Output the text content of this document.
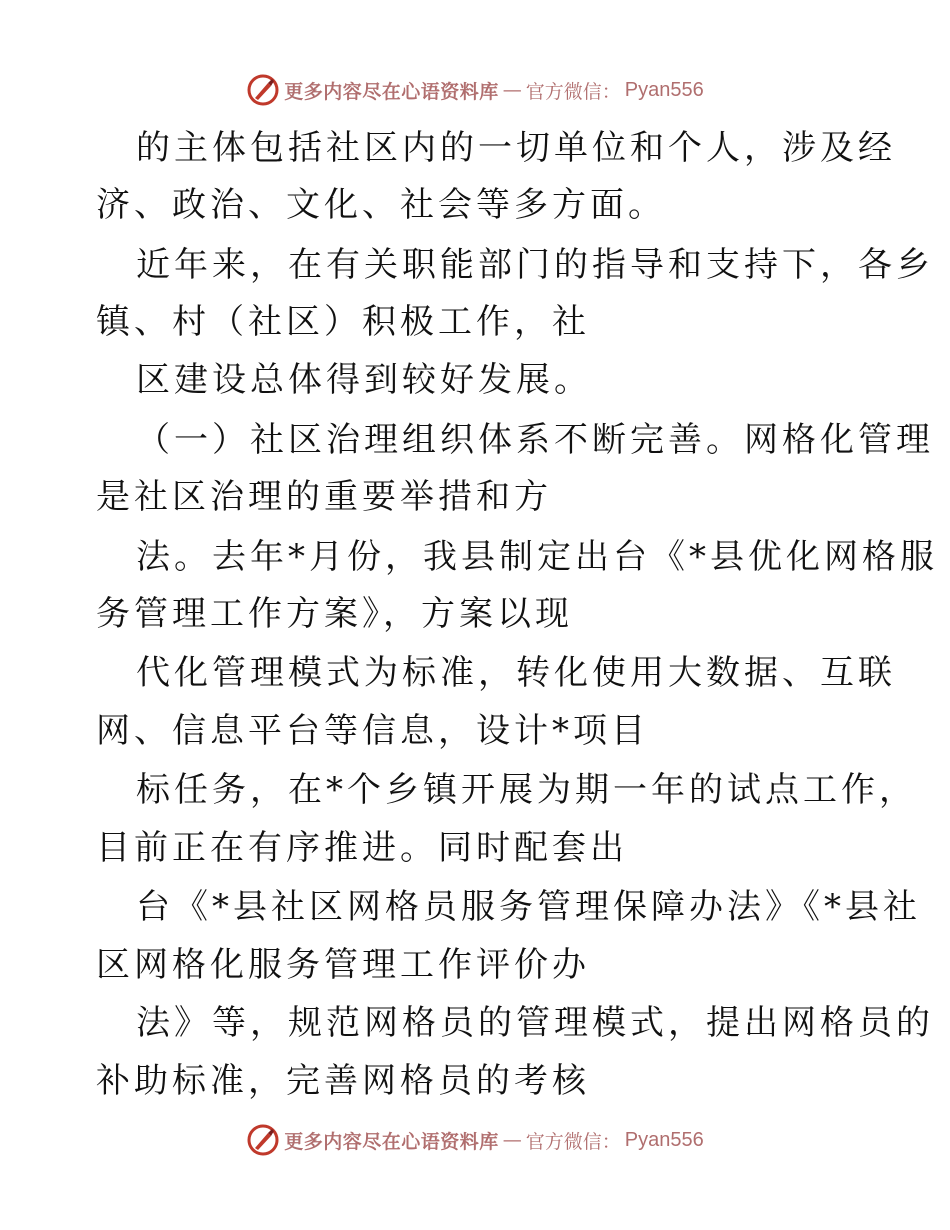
更多内容尽在心语资料库 — 官方微信： Pyan556
的主体包括社区内的一切单位和个人，涉及经
济、政治、文化、社会等多方面。
近年来，在有关职能部门的指导和支持下，各乡
镇、村（社区）积极工作，社
区建设总体得到较好发展。
（一）社区治理组织体系不断完善。网格化管理
是社区治理的重要举措和方
法。去年*月份，我县制定出台《*县优化网格服
务管理工作方案》，方案以现
代化管理模式为标准，转化使用大数据、互联
网、信息平台等信息，设计*项目
标任务，在*个乡镇开展为期一年的试点工作，
目前正在有序推进。同时配套出
台《*县社区网格员服务管理保障办法》《*县社
区网格化服务管理工作评价办
法》等，规范网格员的管理模式，提出网格员的
补助标准，完善网格员的考核
更多内容尽在心语资料库 — 官方微信： Pyan556
